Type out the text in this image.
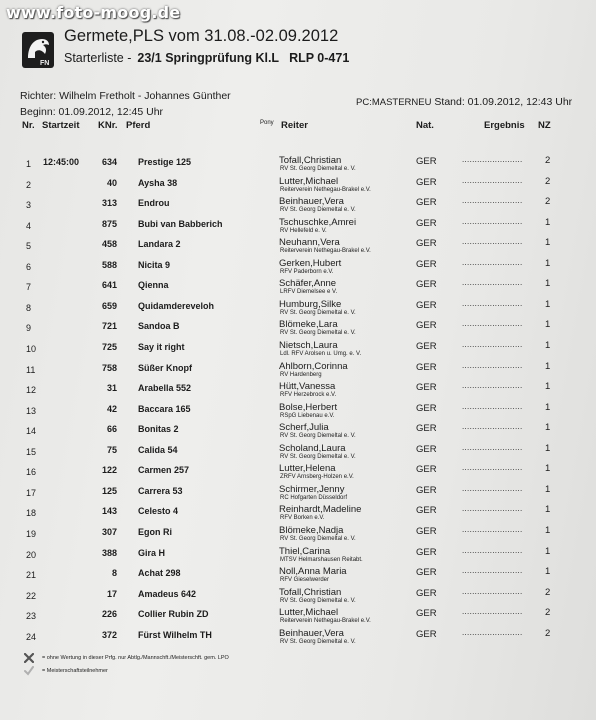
www.foto-moog.de
FN
Germete,PLS vom 31.08.-02.09.2012
Starterliste - 23/1 Springprüfung Kl.L RLP 0-471
Richter: Wilhelm Fretholt - Johannes Günther
Beginn: 01.09.2012, 12:45 Uhr
PC:MASTERNEU Stand: 01.09.2012, 12:43 Uhr
Nr. Startzeit KNr. Pferd	Pony Reiter	Nat.	Ergebnis NZ
1	12:45:00	634 Prestige 125	Tofall,Christian
RV St. Georg Diemeltal e. V.
GER	........................ 2
2	40 Aysha 38	Lutter,Michael
Reiterverein Nethegau-Brakel e.V.
GER	........................ 2
3	313 Endrou	Beinhauer,Vera
RV St. Georg Diemeltal e. V.
GER	........................ 2
4	875 Bubi van Babberich	Tschuschke,Amrei
RV Hellefeld e. V.
GER	........................ 1
5	458 Landara 2	Neuhann,Vera
Reiterverein Nethegau-Brakel e.V.
GER	........................ 1
6	588 Nicita 9	Gerken,Hubert
RFV Paderborn e.V.
GER	........................ 1
7	641 Qienna	Schäfer,Anne
LRFV Diemelsee e V.
GER	........................ 1
8	659 Quidamdereveloh	Humburg,Silke
RV St. Georg Diemeltal e. V.
GER	........................ 1
9	721 Sandoa B	Blömeke,Lara
RV St. Georg Diemeltal e. V.
GER	........................ 1
10	725 Say it right	Nietsch,Laura
Ldl. RFV Arolsen u. Umg. e. V.
GER	........................ 1
11	758 Süßer Knopf	Ahlborn,Corinna
RV Hardenberg
GER	........................ 1
12	31 Arabella 552	Hütt,Vanessa
RFV Herzebrock e.V.
GER	........................ 1
13	42 Baccara 165	Bolse,Herbert
RSpG Liebenau e.V.
GER	........................ 1
14	66 Bonitas 2	Scherf,Julia
RV St. Georg Diemeltal e. V.
GER	........................ 1
15	75 Calida 54	Scholand,Laura
RV St. Georg Diemeltal e. V.
GER	........................ 1
16	122 Carmen 257	Lutter,Helena
ZRFV Arnsberg-Holzen e.V.
GER	........................ 1
17	125 Carrera 53	Schirmer,Jenny
RC Hofgarten Düsseldorf
GER	........................ 1
18	143 Celesto 4	Reinhardt,Madeline
RFV Borken e.V.
GER	........................ 1
19	307 Egon Ri	Blömeke,Nadja
RV St. Georg Diemeltal e. V.
GER	........................ 1
20	388 Gira H	Thiel,Carina
MTSV Helmarshausen Reitabt.
GER	........................ 1
21	8 Achat 298	Noll,Anna Maria
RFV Gieselwerder
GER	........................ 1
22	17 Amadeus 642	Tofall,Christian
RV St. Georg Diemeltal e. V.
GER	........................ 2
23	226 Collier Rubin ZD	Lutter,Michael
Reiterverein Nethegau-Brakel e.V.
GER	........................ 2
24	372 Fürst Wilhelm TH	Beinhauer,Vera
RV St. Georg Diemeltal e. V.
GER	........................ 2
= ohne Wertung in dieser Prfg. nur Abtlg./Mannschft./Meisterschft. gem. LPO
= Meisterschaftsteilnehmer
